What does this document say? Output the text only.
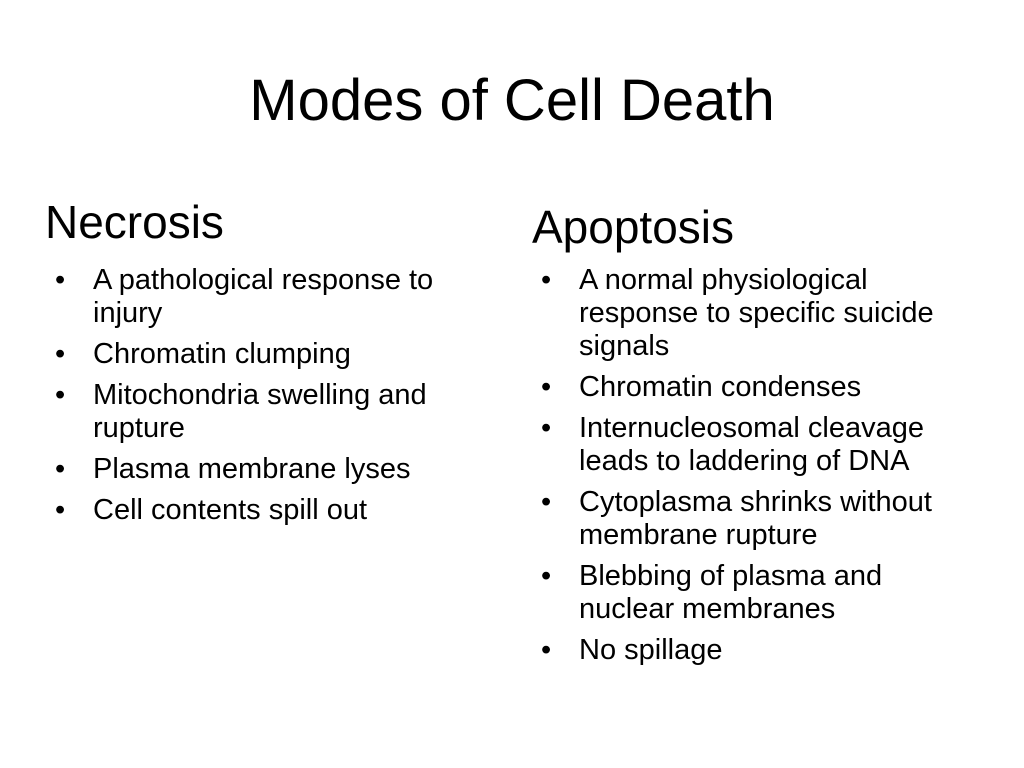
Modes of Cell Death
Necrosis
• A pathological response to injury
• Chromatin clumping
• Mitochondria swelling and rupture
• Plasma membrane lyses
• Cell contents spill out
Apoptosis
• A normal physiological response to specific suicide signals
• Chromatin condenses
• Internucleosomal cleavage leads to laddering of DNA
• Cytoplasma shrinks without membrane rupture
• Blebbing of plasma and nuclear membranes
• No spillage
